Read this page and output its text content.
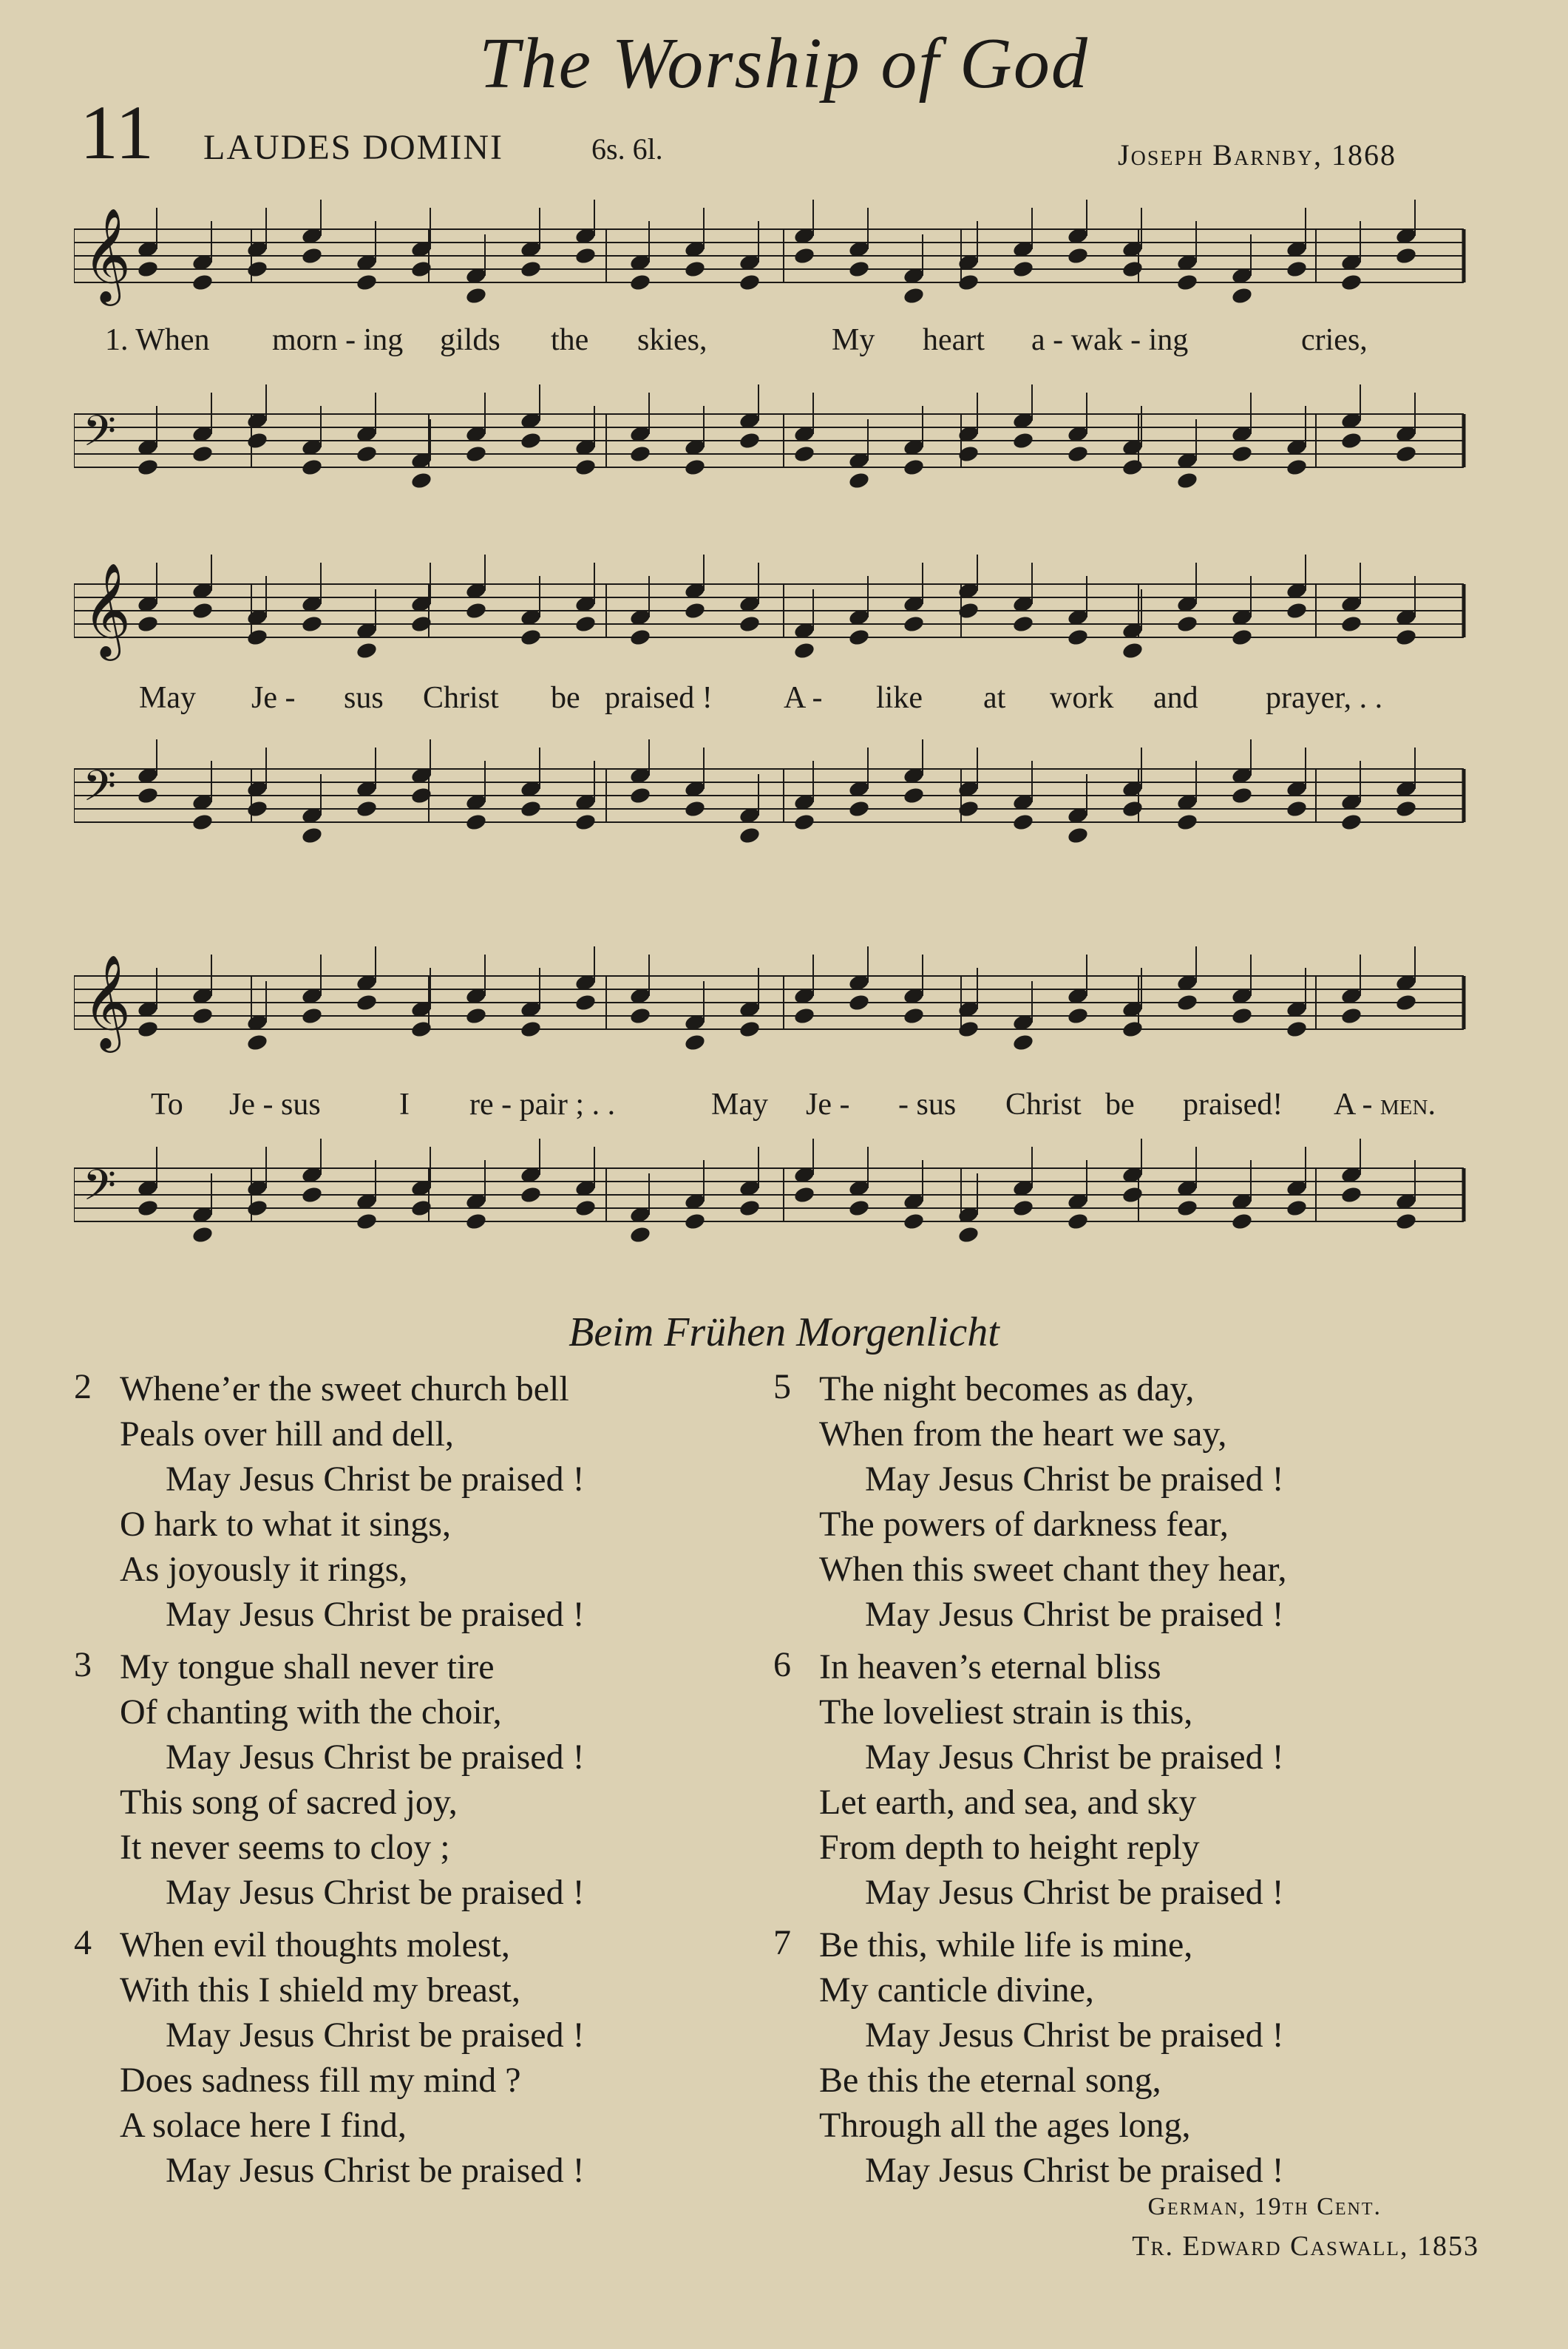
The Worship of God
11 LAUDES DOMINI	6s. 6l.	Joseph Barnby, 1868
𝄞
1. When morn - ing gilds the skies,	My heart a - wak - ing	cries,
𝄢
𝄞
May Je - sus Christ be praised ! A - like at work and prayer, . .
𝄢
𝄞
To Je - sus	I re - pair ; . .	May Je - - sus Christ be praised! A - men.
𝄢
Beim Frühen Morgenlicht
2 Whene’er the sweet church bell
Peals over hill and dell,
May Jesus Christ be praised !
O hark to what it sings,
As joyously it rings,
May Jesus Christ be praised !
3 My tongue shall never tire
Of chanting with the choir,
May Jesus Christ be praised !
This song of sacred joy,
It never seems to cloy ;
May Jesus Christ be praised !
4 When evil thoughts molest,
With this I shield my breast,
May Jesus Christ be praised !
Does sadness fill my mind ?
A solace here I find,
May Jesus Christ be praised !
5 The night becomes as day,
When from the heart we say,
May Jesus Christ be praised !
The powers of darkness fear,
When this sweet chant they hear,
May Jesus Christ be praised !
6 In heaven’s eternal bliss
The loveliest strain is this,
May Jesus Christ be praised !
Let earth, and sea, and sky
From depth to height reply
May Jesus Christ be praised !
7 Be this, while life is mine,
My canticle divine,
May Jesus Christ be praised !
Be this the eternal song,
Through all the ages long,
May Jesus Christ be praised !
German, 19th Cent.
Tr. Edward Caswall, 1853
